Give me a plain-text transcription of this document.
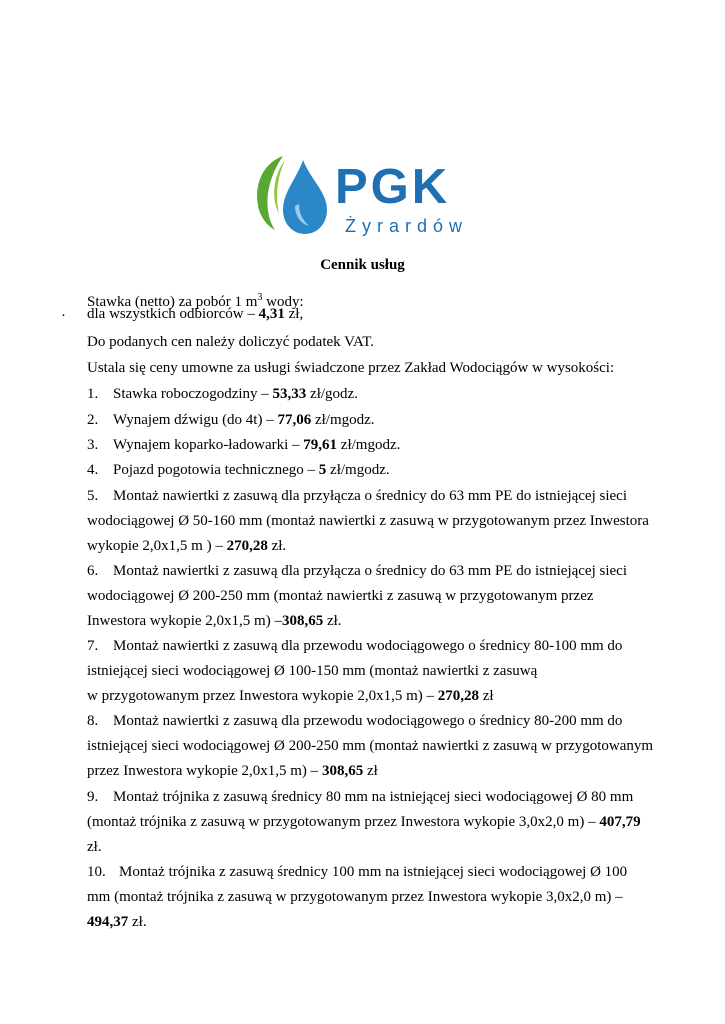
PGK
Żyrardów
Cennik usług
Stawka (netto) za pobór 1 $m^3$ wody:
· dla wszystkich odbiorców – 4,31 zł,
Do podanych cen należy doliczyć podatek VAT.
Ustala się ceny umowne za usługi świadczone przez Zakład Wodociągów w wysokości:
1. Stawka roboczogodziny – 53,33 zł/godz.
2. Wynajem dźwigu (do 4t) – 77,06 zł/mgodz.
3. Wynajem koparko-ładowarki – 79,61 zł/mgodz.
4. Pojazd pogotowia technicznego – 5 zł/mgodz.
5. Montaż nawiertki z zasuwą dla przyłącza o średnicy do 63 mm PE do istniejącej sieci
wodociągowej Ø 50-160 mm (montaż nawiertki z zasuwą w przygotowanym przez Inwestora
wykopie 2,0x1,5 m ) – 270,28 zł.
6. Montaż nawiertki z zasuwą dla przyłącza o średnicy do 63 mm PE do istniejącej sieci
wodociągowej Ø 200-250 mm (montaż nawiertki z zasuwą w przygotowanym przez
Inwestora wykopie 2,0x1,5 m) –308,65 zł.
7. Montaż nawiertki z zasuwą dla przewodu wodociągowego o średnicy 80-100 mm do
istniejącej sieci wodociągowej Ø 100-150 mm (montaż nawiertki z zasuwą
w przygotowanym przez Inwestora wykopie 2,0x1,5 m) – 270,28 zł
8. Montaż nawiertki z zasuwą dla przewodu wodociągowego o średnicy 80-200 mm do
istniejącej sieci wodociągowej Ø 200-250 mm (montaż nawiertki z zasuwą w przygotowanym
przez Inwestora wykopie 2,0x1,5 m) – 308,65 zł
9. Montaż trójnika z zasuwą średnicy 80 mm na istniejącej sieci wodociągowej Ø 80 mm
(montaż trójnika z zasuwą w przygotowanym przez Inwestora wykopie 3,0x2,0 m) – 407,79
zł.
10. Montaż trójnika z zasuwą średnicy 100 mm na istniejącej sieci wodociągowej Ø 100
mm (montaż trójnika z zasuwą w przygotowanym przez Inwestora wykopie 3,0x2,0 m) –
494,37 zł.
